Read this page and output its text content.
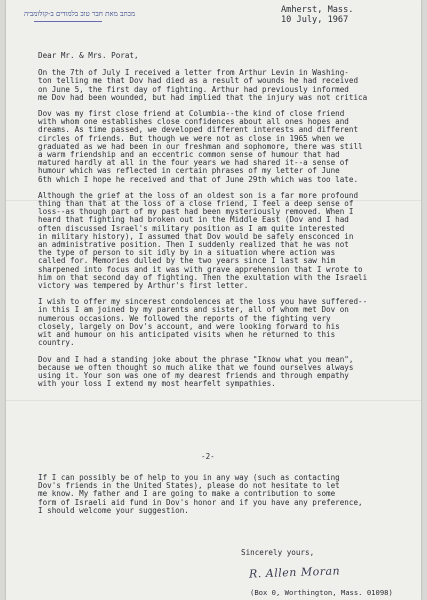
מכתב מאת חבר טוב בלמודים ב-קולומביה	Amherst, Mass.
10 July, 1967
Dear Mr. & Mrs. Porat,
On the 7th of July I received a letter from Arthur Levin in Washing-
ton telling me that Dov had died as a result of wounds he had received
on June 5, the first day of fighting. Arthur had previously informed
me Dov had been wounded, but had implied that the injury was not critica
Dov was my first close friend at Columbia--the kind of close friend
with whom one establishes close confidences about all ones hopes and
dreams. As time passed, we developed different interests and different
circles of friends. But though we were not as close in 1965 when we
graduated as we had been in our freshman and sophomore, there was still
a warm friendship and an eccentric common sense of humour that had
matured hardly at all in the four years we had shared it--a sense of
humour which was reflected in certain phrases of my letter of June
6th which I hope he received and that of June 29th which was too late.
Although the grief at the loss of an oldest son is a far more profound
thing than that at the loss of a close friend, I feel a deep sense of
loss--as though part of my past had been mysteriously removed. When I
heard that fighting had broken out in the Middle East (Dov and I had
often discussed Israel's military position as I am quite interested
in military history), I assumed that Dov would be safely ensconced in
an administrative position. Then I suddenly realized that he was not
the type of person to sit idly by in a situation where action was
called for. Memories dulled by the two years since I last saw him
sharpened into focus and it was with grave apprehension that I wrote to
him on that second day of fighting. Then the exultation with the Israeli
victory was tempered by Arthur's first letter.
I wish to offer my sincerest condolences at the loss you have suffered--
in this I am joined by my parents and sister, all of whom met Dov on
numerous occasions. We followed the reports of the fighting very
closely, largely on Dov's account, and were looking forward to his
wit and humour on his anticipated visits when he returned to this
country.
Dov and I had a standing joke about the phrase "Iknow what you mean",
because we often thought so much alike that we found ourselves always
using it. Your son was one of my dearest friends and through empathy
with your loss I extend my most hearfelt sympathies.
-2-
If I can possibly be of help to you in any way (such as contacting
Dov's friends in the United States), please do not hesitate to let
me know. My father and I are going to make a contribution to some
form of Israeli aid fund in Dov's honor and if you have any preference,
I should welcome your suggestion.
Sincerely yours,
R. Allen Moran
(Box 0, Worthington, Mass. 01098)
